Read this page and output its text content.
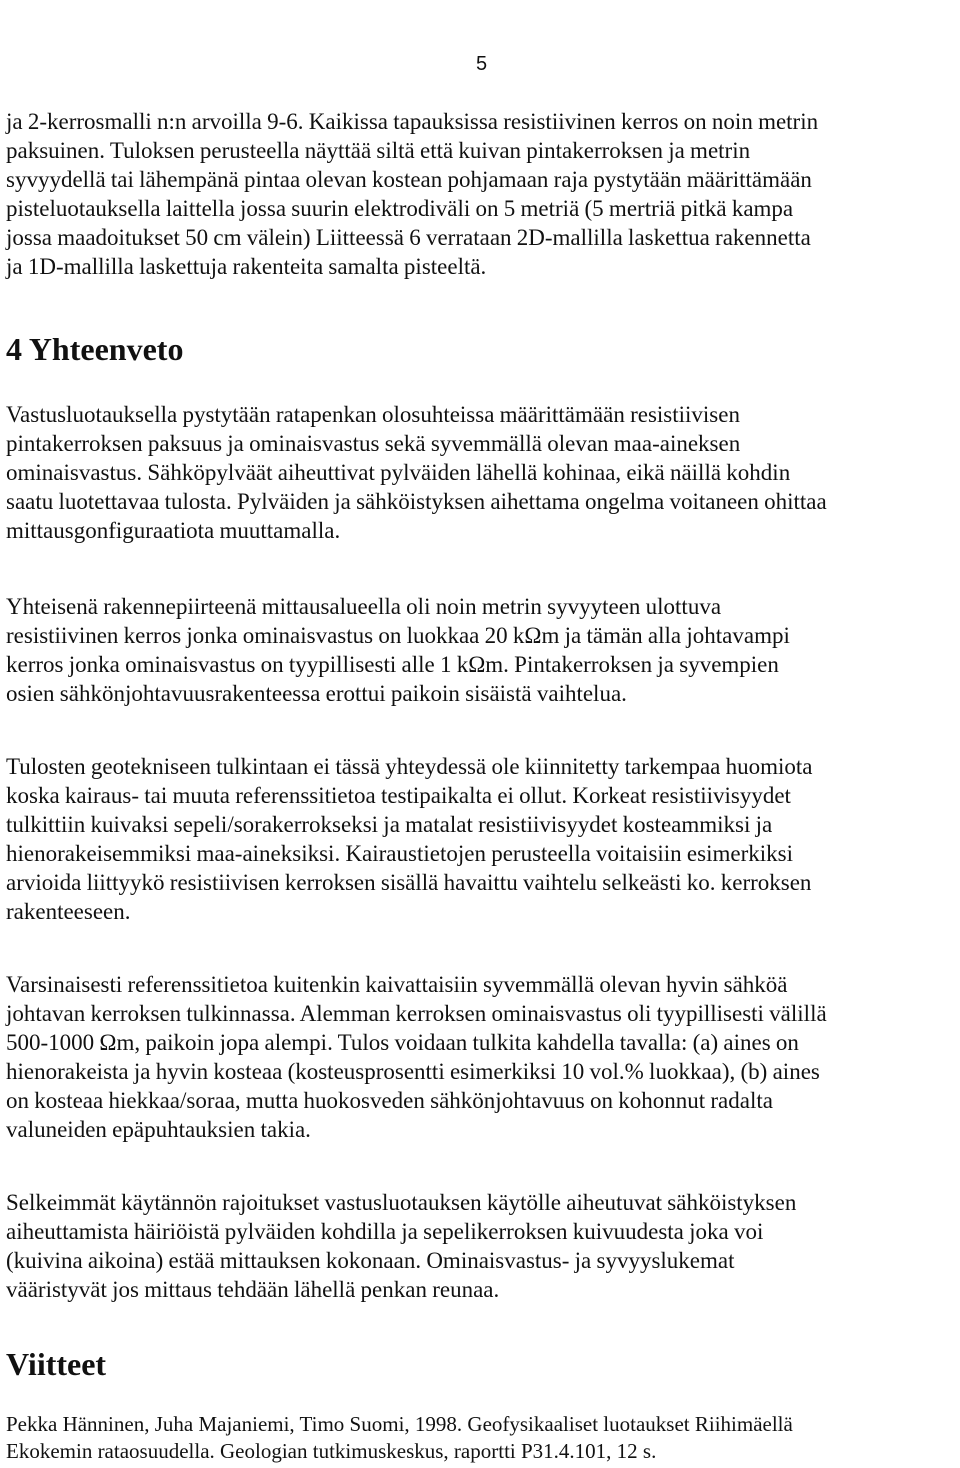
5

ja 2-kerrosmalli n:n arvoilla 9-6. Kaikissa tapauksissa resistiivinen kerros on noin metrin
paksuinen. Tuloksen perusteella näyttää siltä että kuivan pintakerroksen ja metrin
syvyydellä tai lähempänä pintaa olevan kostean pohjamaan raja pystytään määrittämään
pisteluotauksella laittella jossa suurin elektrodiväli on 5 metriä (5 mertriä pitkä kampa
jossa maadoitukset 50 cm välein) Liitteessä 6 verrataan 2D-mallilla laskettua rakennetta
ja 1D-mallilla laskettuja rakenteita samalta pisteeltä.

4 Yhteenveto

Vastusluotauksella pystytään ratapenkan olosuhteissa määrittämään resistiivisen
pintakerroksen paksuus ja ominaisvastus sekä syvemmällä olevan maa-aineksen
ominaisvastus. Sähköpylväät aiheuttivat pylväiden lähellä kohinaa, eikä näillä kohdin
saatu luotettavaa tulosta. Pylväiden ja sähköistyksen aihettama ongelma voitaneen ohittaa
mittausgonfiguraatiota muuttamalla.

Yhteisenä rakennepiirteenä mittausalueella oli noin metrin syvyyteen ulottuva
resistiivinen kerros jonka ominaisvastus on luokkaa 20 kΩm ja tämän alla johtavampi
kerros jonka ominaisvastus on tyypillisesti alle 1 kΩm. Pintakerroksen ja syvempien
osien sähkönjohtavuusrakenteessa erottui paikoin sisäistä vaihtelua.

Tulosten geotekniseen tulkintaan ei tässä yhteydessä ole kiinnitetty tarkempaa huomiota
koska kairaus- tai muuta referenssitietoa testipaikalta ei ollut. Korkeat resistiivisyydet
tulkittiin kuivaksi sepeli/sorakerrokseksi ja matalat resistiivisyydet kosteammiksi ja
hienorakeisemmiksi maa-aineksiksi. Kairaustietojen perusteella voitaisiin esimerkiksi
arvioida liittyykö resistiivisen kerroksen sisällä havaittu vaihtelu selkeästi ko. kerroksen
rakenteeseen.

Varsinaisesti referenssitietoa kuitenkin kaivattaisiin syvemmällä olevan hyvin sähköä
johtavan kerroksen tulkinnassa. Alemman kerroksen ominaisvastus oli tyypillisesti välillä
500-1000 Ωm, paikoin jopa alempi. Tulos voidaan tulkita kahdella tavalla: (a) aines on
hienorakeista ja hyvin kosteaa (kosteusprosentti esimerkiksi 10 vol.% luokkaa), (b) aines
on kosteaa hiekkaa/soraa, mutta huokosveden sähkönjohtavuus on kohonnut radalta
valuneiden epäpuhtauksien takia.

Selkeimmät käytännön rajoitukset vastusluotauksen käytölle aiheutuvat sähköistyksen
aiheuttamista häiriöistä pylväiden kohdilla ja sepelikerroksen kuivuudesta joka voi
(kuivina aikoina) estää mittauksen kokonaan. Ominaisvastus- ja syvyyslukemat
vääristyvät jos mittaus tehdään lähellä penkan reunaa.

Viitteet

Pekka Hänninen, Juha Majaniemi, Timo Suomi, 1998. Geofysikaaliset luotaukset Riihimäellä
Ekokemin rataosuudella. Geologian tutkimuskeskus, raportti P31.4.101, 12 s.
